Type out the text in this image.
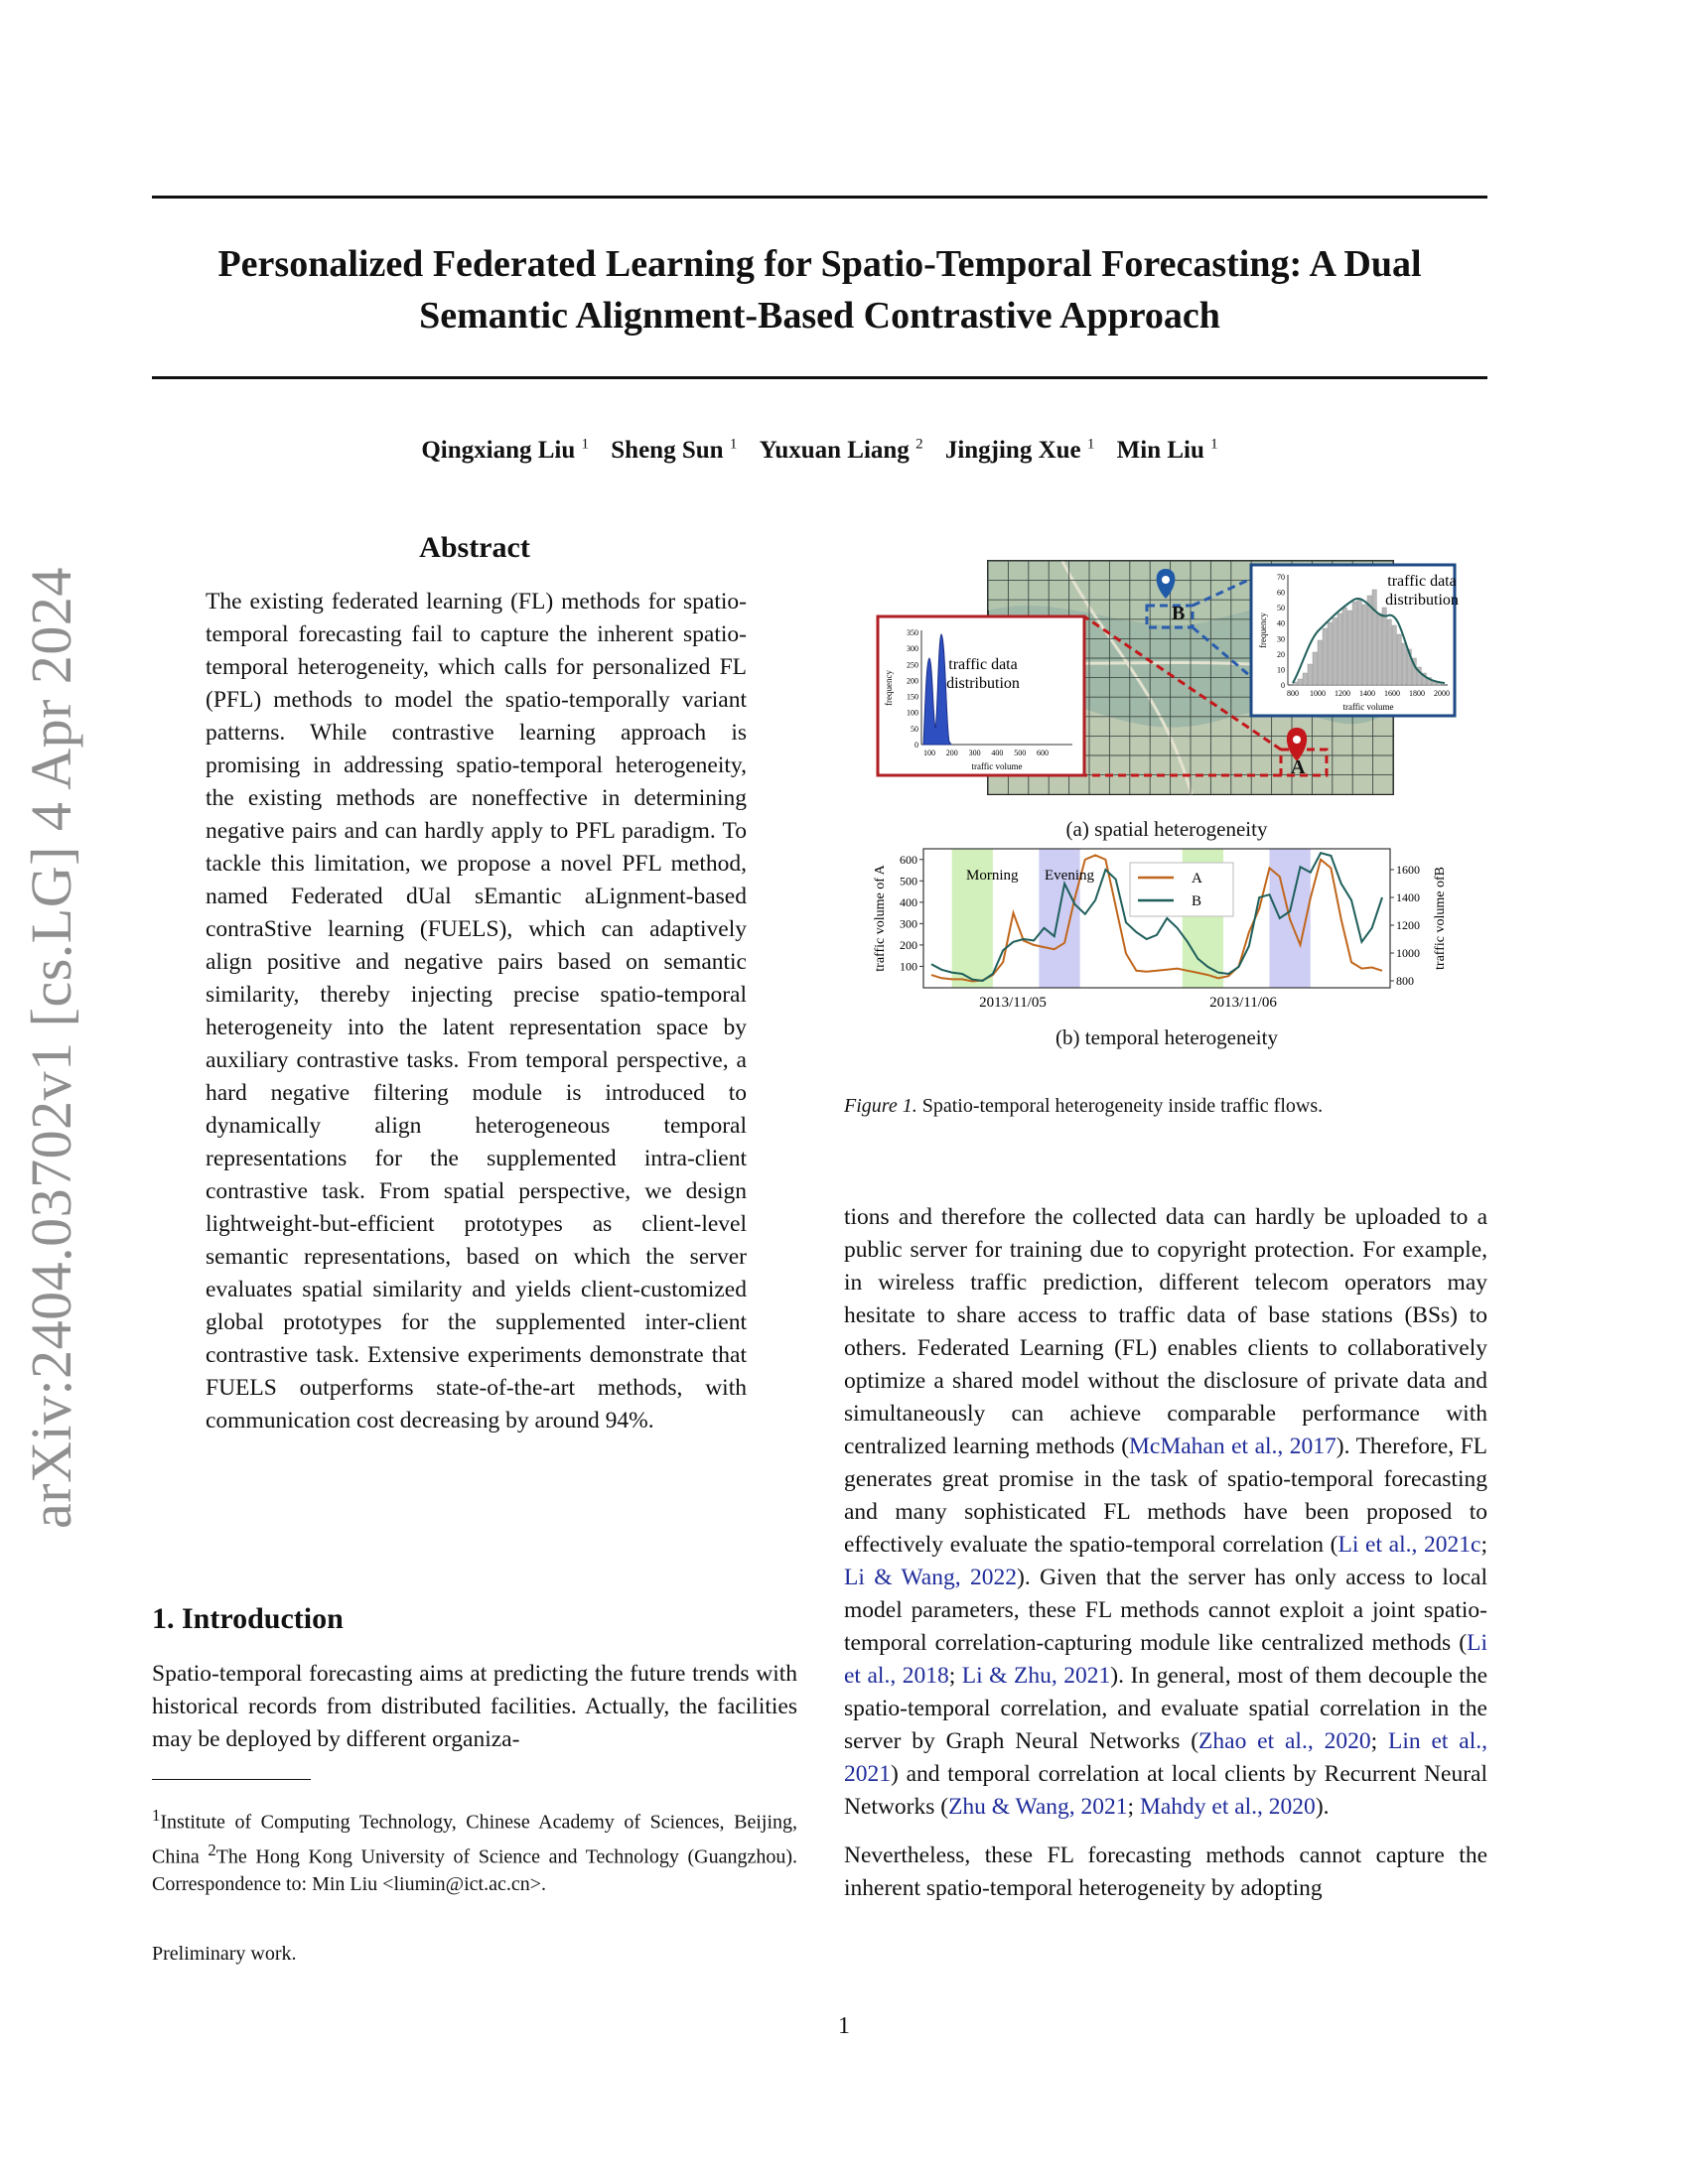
Personalized Federated Learning for Spatio-Temporal Forecasting: A Dual
Semantic Alignment-Based Contrastive Approach
Qingxiang Liu $^1$ Sheng Sun $^1$ Yuxuan Liang $^2$ Jingjing Xue $^1$ Min Liu $^1$
arXiv:2404.03702v1 [cs.LG] 4 Apr 2024
Abstract
The existing federated learning (FL) methods for spatio-temporal forecasting fail to capture the inherent spatio-temporal heterogeneity, which calls for personalized FL (PFL) methods to model the spatio-temporally variant patterns. While contrastive learning approach is promising in addressing spatio-temporal heterogeneity, the existing methods are noneffective in determining negative pairs and can hardly apply to PFL paradigm. To tackle this limitation, we propose a novel PFL method, named Federated dUal sEmantic aLignment-based contraStive learning (FUELS), which can adaptively align positive and negative pairs based on semantic similarity, thereby injecting precise spatio-temporal heterogeneity into the latent representation space by auxiliary contrastive tasks. From temporal perspective, a hard negative filtering module is introduced to dynamically align heterogeneous temporal representations for the supplemented intra-client contrastive task. From spatial perspective, we design lightweight-but-efficient prototypes as client-level semantic representations, based on which the server evaluates spatial similarity and yields client-customized global prototypes for the supplemented inter-client contrastive task. Extensive experiments demonstrate that FUELS outperforms state-of-the-art methods, with communication cost decreasing by around 94%.
1. Introduction
Spatio-temporal forecasting aims at predicting the future trends with historical records from distributed facilities. Actually, the facilities may be deployed by different organiza-
$^1$Institute of Computing Technology, Chinese Academy of Sciences, Beijing, China $^2$The Hong Kong University of Science and Technology (Guangzhou). Correspondence to: Min Liu <liumin@ict.ac.cn>.
Preliminary work.
B
A
350
300
250
200
150
100
50
0
100 200 300 400 500 600
traffic data
distribution
traffic volume
frequency
70
60
50
40
30
20
10
0
800 1000 1200 1400 1600 1800 2000
traffic data
distribution
traffic volume
frequency
600
500
400
300
200
100
1600
1400
1200
1000
800
Morning Evening	A
B
2013/11/05	2013/11/06
traffic volume of A	traffic volume ofB
(a) spatial heterogeneity
(b) temporal heterogeneity
Figure 1. Spatio-temporal heterogeneity inside traffic flows.

tions and therefore the collected data can hardly be uploaded to a public server for training due to copyright protection. For example, in wireless traffic prediction, different telecom operators may hesitate to share access to traffic data of base stations (BSs) to others. Federated Learning (FL) enables clients to collaboratively optimize a shared model without the disclosure of private data and simultaneously can achieve comparable performance with centralized learning methods (McMahan et al., 2017). Therefore, FL generates great promise in the task of spatio-temporal forecasting and many sophisticated FL methods have been proposed to effectively evaluate the spatio-temporal correlation (Li et al., 2021c; Li & Wang, 2022). Given that the server has only access to local model parameters, these FL methods cannot exploit a joint spatio-temporal correlation-capturing module like centralized methods (Li et al., 2018; Li & Zhu, 2021). In general, most of them decouple the spatio-temporal correlation, and evaluate spatial correlation in the server by Graph Neural Networks (Zhao et al., 2020; Lin et al., 2021) and temporal correlation at local clients by Recurrent Neural Networks (Zhu & Wang, 2021; Mahdy et al., 2020).

Nevertheless, these FL forecasting methods cannot capture the inherent spatio-temporal heterogeneity by adopting

1
